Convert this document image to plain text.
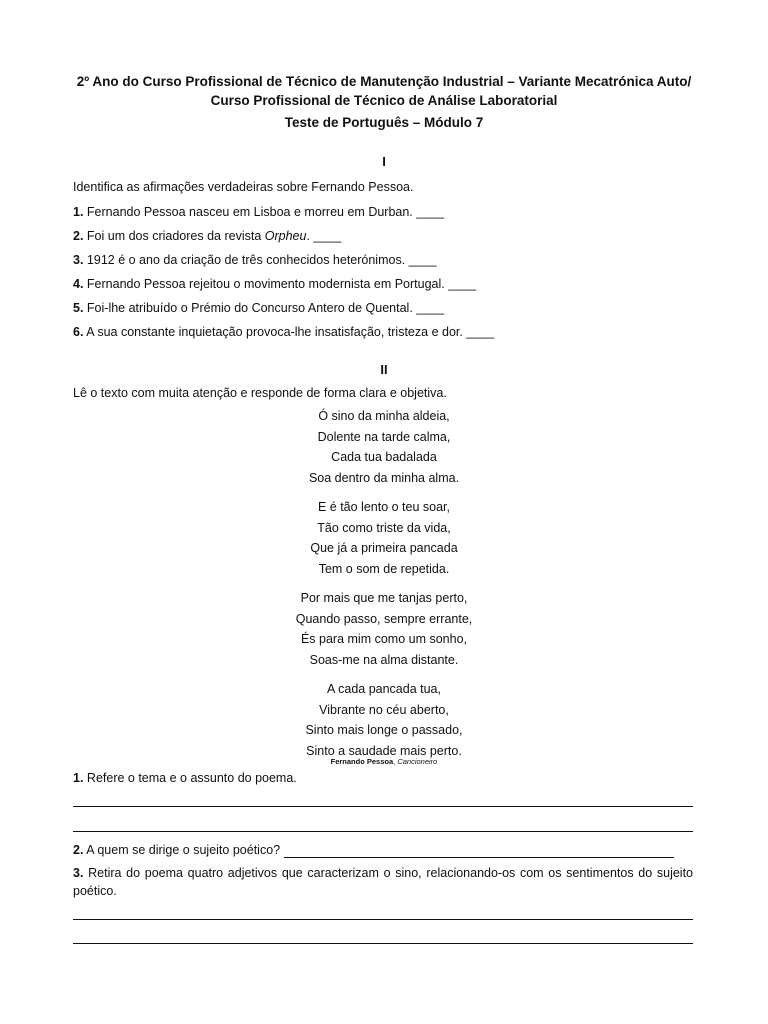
2º Ano do Curso Profissional de Técnico de Manutenção Industrial – Variante Mecatrónica Auto/
Curso Profissional de Técnico de Análise Laboratorial
Teste de Português – Módulo 7
I
Identifica as afirmações verdadeiras sobre Fernando Pessoa.
1. Fernando Pessoa nasceu em Lisboa e morreu em Durban. ____
2. Foi um dos criadores da revista Orpheu. ____
3. 1912 é o ano da criação de três conhecidos heterónimos. ____
4. Fernando Pessoa rejeitou o movimento modernista em Portugal. ____
5. Foi-lhe atribuído o Prémio do Concurso Antero de Quental. ____
6. A sua constante inquietação provoca-lhe insatisfação, tristeza e dor. ____
II
Lê o texto com muita atenção e responde de forma clara e objetiva.
Ó sino da minha aldeia,
Dolente na tarde calma,
Cada tua badalada
Soa dentro da minha alma.
E é tão lento o teu soar,
Tão como triste da vida,
Que já a primeira pancada
Tem o som de repetida.
Por mais que me tanjas perto,
Quando passo, sempre errante,
És para mim como um sonho,
Soas-me na alma distante.
A cada pancada tua,
Vibrante no céu aberto,
Sinto mais longe o passado,
Sinto a saudade mais perto.
Fernando Pessoa, Cancioneiro
1. Refere o tema e o assunto do poema.
2. A quem se dirige o sujeito poético?
3. Retira do poema quatro adjetivos que caracterizam o sino, relacionando-os com os sentimentos do sujeito poético.
